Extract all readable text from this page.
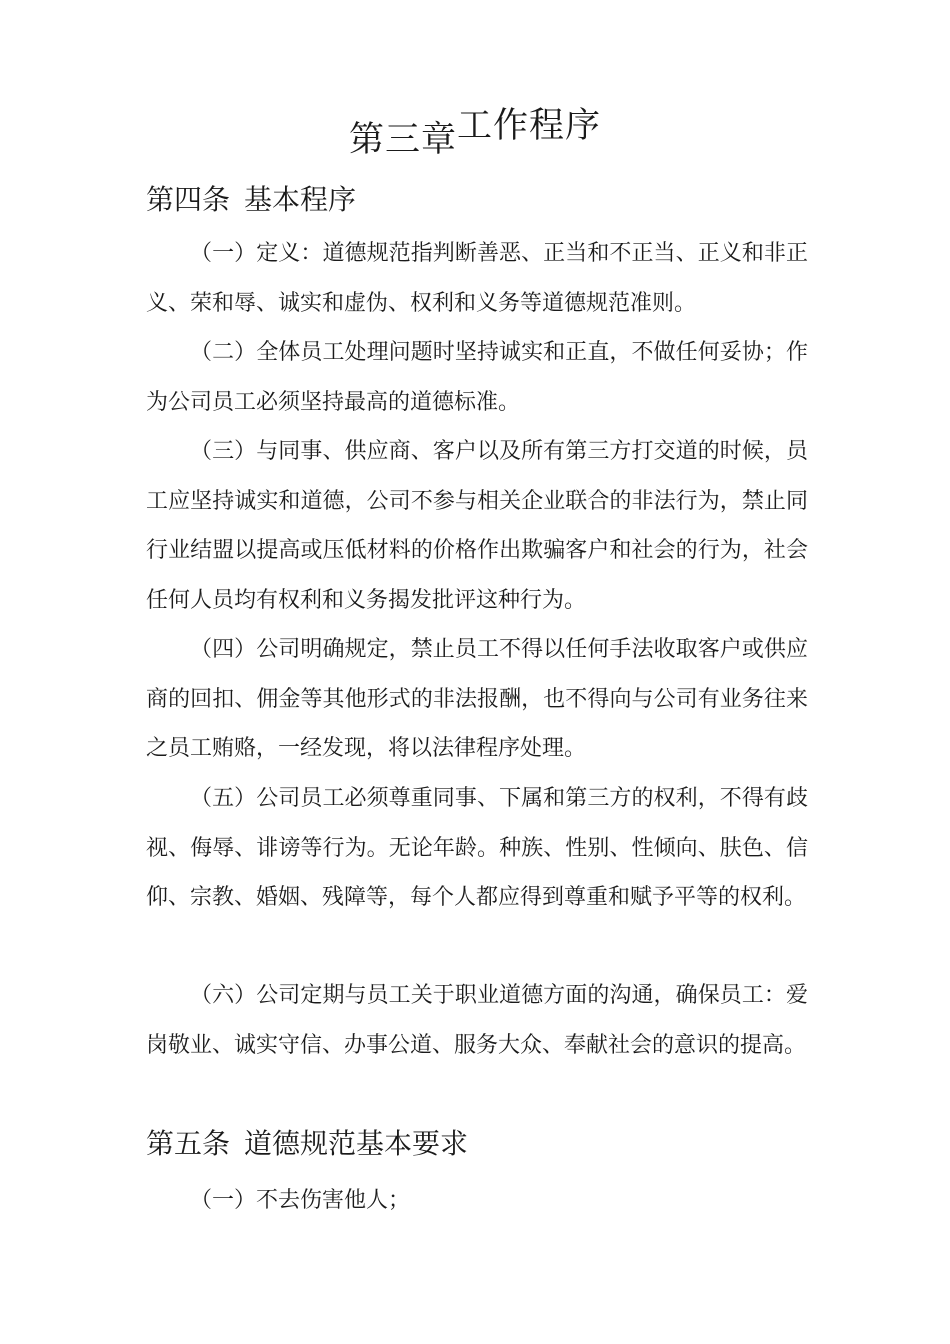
第三章工作程序
第四条 基本程序

（一）定义：道德规范指判断善恶、正当和不正当、正义和非正义、荣和辱、诚实和虚伪、权利和义务等道德规范准则。

（二）全体员工处理问题时坚持诚实和正直，不做任何妥协；作为公司员工必须坚持最高的道德标准。

（三）与同事、供应商、客户以及所有第三方打交道的时候，员工应坚持诚实和道德，公司不参与相关企业联合的非法行为，禁止同行业结盟以提高或压低材料的价格作出欺骗客户和社会的行为，社会任何人员均有权利和义务揭发批评这种行为。

（四）公司明确规定，禁止员工不得以任何手法收取客户或供应商的回扣、佣金等其他形式的非法报酬，也不得向与公司有业务往来之员工贿赂，一经发现，将以法律程序处理。

（五）公司员工必须尊重同事、下属和第三方的权利，不得有歧视、侮辱、诽谤等行为。无论年龄。种族、性别、性倾向、肤色、信仰、宗教、婚姻、残障等，每个人都应得到尊重和赋予平等的权利。

（六）公司定期与员工关于职业道德方面的沟通，确保员工：爱岗敬业、诚实守信、办事公道、服务大众、奉献社会的意识的提高。

第五条 道德规范基本要求

（一）不去伤害他人；
